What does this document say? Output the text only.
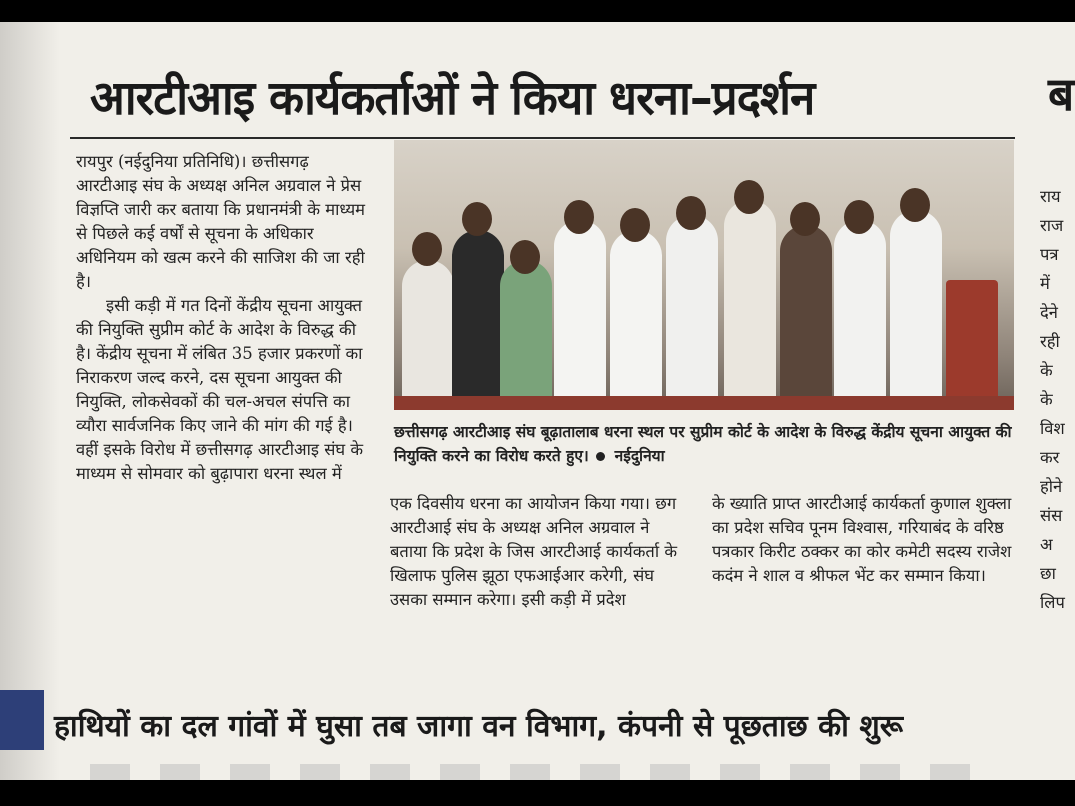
आरटीआइ कार्यकर्ताओं ने किया धरना–प्रदर्शन	ब

रायपुर (नईदुनिया प्रतिनिधि)। छत्तीसगढ़ आरटीआइ संघ के अध्यक्ष अनिल अग्रवाल ने प्रेस विज्ञप्ति जारी कर बताया कि प्रधानमंत्री के माध्यम से पिछले कई वर्षों से सूचना के अधिकार अधिनियम को खत्म करने की साजिश की जा रही है।

इसी कड़ी में गत दिनों केंद्रीय सूचना आयुक्त की नियुक्ति सुप्रीम कोर्ट के आदेश के विरुद्ध की है। केंद्रीय सूचना में लंबित 35 हजार प्रकरणों का निराकरण जल्द करने, दस सूचना आयुक्त की नियुक्ति, लोकसेवकों की चल-अचल संपत्ति का व्यौरा सार्वजनिक किए जाने की मांग की गई है। वहीं इसके विरोध में छत्तीसगढ़ आरटीआइ संघ के माध्यम से सोमवार को बुढ़ापारा धरना स्थल में

छत्तीसगढ़ आरटीआइ संघ बूढ़ातालाब धरना स्थल पर सुप्रीम कोर्ट के आदेश के विरुद्ध केंद्रीय सूचना आयुक्त की नियुक्ति करने का विरोध करते हुए। नईदुनिया

एक दिवसीय धरना का आयोजन किया गया। छग आरटीआई संघ के अध्यक्ष अनिल अग्रवाल ने बताया कि प्रदेश के जिस आरटीआई कार्यकर्ता के खिलाफ पुलिस झूठा एफआईआर करेगी, संघ उसका सम्मान करेगा। इसी कड़ी में प्रदेश

के ख्याति प्राप्त आरटीआई कार्यकर्ता कुणाल शुक्ला का प्रदेश सचिव पूनम विश्वास, गरियाबंद के वरिष्ठ पत्रकार किरीट ठक्कर का कोर कमेटी सदस्य राजेश कदंम ने शाल व श्रीफल भेंट कर सम्मान किया।

राय
राज
पत्र
में
देने
रही
के
के
विश
कर
होने
संस
अ
छा
लिप
हाथियों का दल गांवों में घुसा तब जागा वन विभाग, कंपनी से पूछताछ की शुरू
